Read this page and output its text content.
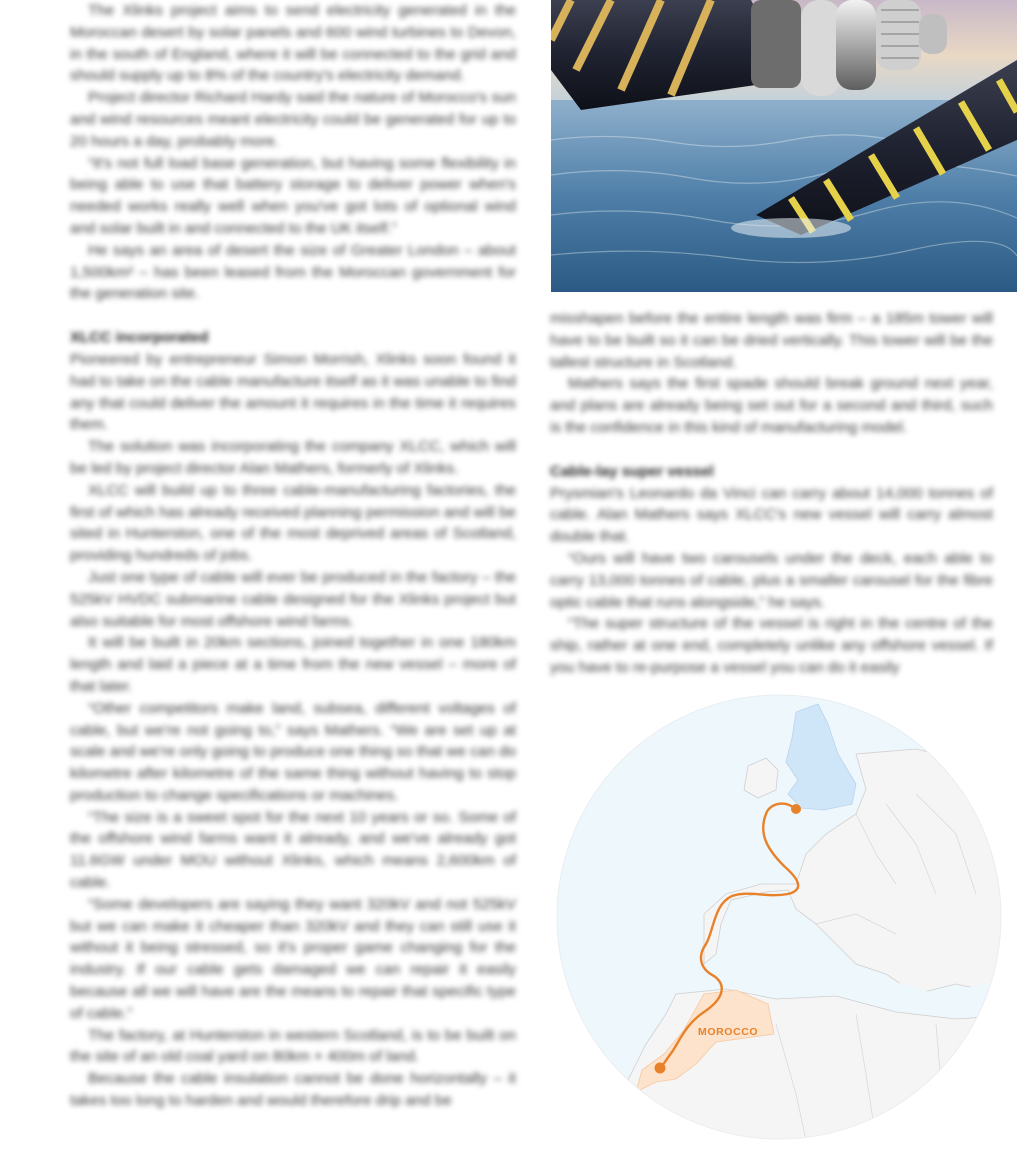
The Xlinks project aims to send electricity generated in the Moroccan desert by solar panels and 600 wind turbines to Devon, in the south of England, where it will be connected to the grid and should supply up to 8% of the country's electricity demand.

Project director Richard Hardy said the nature of Morocco's sun and wind resources meant electricity could be generated for up to 20 hours a day, probably more.

“It's not full load base generation, but having some flexibility in being able to use that battery storage to deliver power when's needed works really well when you've got lots of optional wind and solar built in and connected to the UK itself.”

He says an area of desert the size of Greater London – about 1,500km² – has been leased from the Moroccan government for the generation site.

XLCC incorporated

Pioneered by entrepreneur Simon Morrish, Xlinks soon found it had to take on the cable manufacture itself as it was unable to find any that could deliver the amount it requires in the time it requires them.

The solution was incorporating the company XLCC, which will be led by project director Alan Mathers, formerly of Xlinks.

XLCC will build up to three cable-manufacturing factories, the first of which has already received planning permission and will be sited in Hunterston, one of the most deprived areas of Scotland, providing hundreds of jobs.

Just one type of cable will ever be produced in the factory – the 525kV HVDC submarine cable designed for the Xlinks project but also suitable for most offshore wind farms.

It will be built in 20km sections, joined together in one 180km length and laid a piece at a time from the new vessel – more of that later.

“Other competitors make land, subsea, different voltages of cable, but we're not going to,” says Mathers. “We are set up at scale and we're only going to produce one thing so that we can do kilometre after kilometre of the same thing without having to stop production to change specifications or machines.

“The size is a sweet spot for the next 10 years or so. Some of the offshore wind farms want it already, and we've already got 11.6GW under MOU without Xlinks, which means 2,600km of cable.

“Some developers are saying they want 320kV and not 525kV but we can make it cheaper than 320kV and they can still use it without it being stressed, so it's proper game changing for the industry. If our cable gets damaged we can repair it easily because all we will have are the means to repair that specific type of cable.”

The factory, at Hunterston in western Scotland, is to be built on the site of an old coal yard on 80km × 400m of land.

Because the cable insulation cannot be done horizontally – it takes too long to harden and would therefore drip and be

misshapen before the entire length was firm – a 185m tower will have to be built so it can be dried vertically. This tower will be the tallest structure in Scotland.

Mathers says the first spade should break ground next year, and plans are already being set out for a second and third, such is the confidence in this kind of manufacturing model.

Cable-lay super vessel

Prysmian's Leonardo da Vinci can carry about 14,000 tonnes of cable. Alan Mathers says XLCC's new vessel will carry almost double that.

“Ours will have two carousels under the deck, each able to carry 13,000 tonnes of cable, plus a smaller carousel for the fibre optic cable that runs alongside,” he says.

“The super structure of the vessel is right in the centre of the ship, rather at one end, completely unlike any offshore vessel. If you have to re-purpose a vessel you can do it easily

MOROCCO
